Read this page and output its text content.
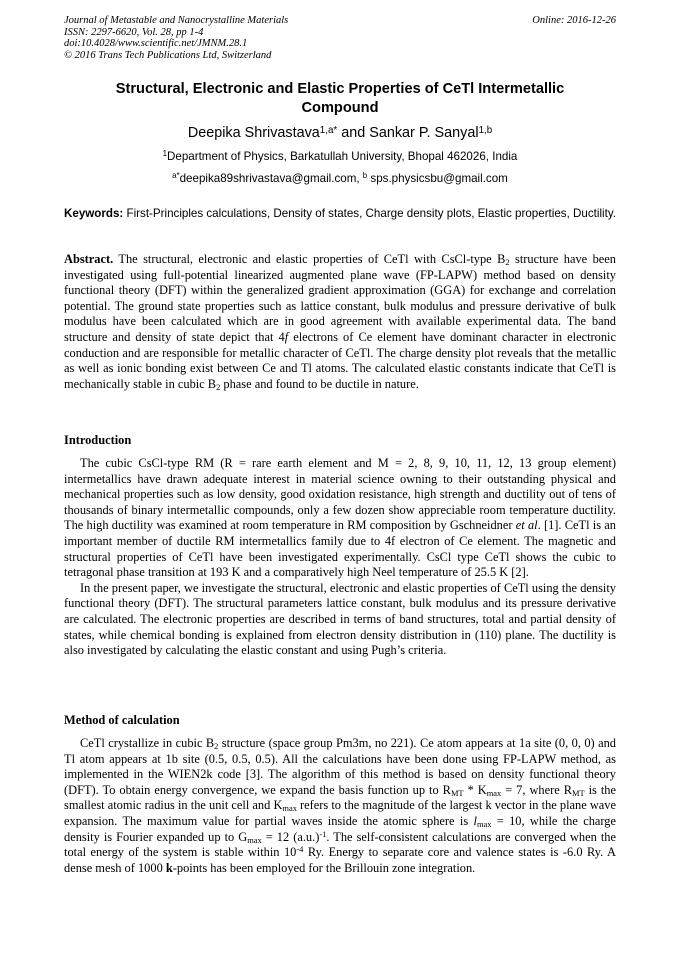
Journal of Metastable and Nanocrystalline Materials
ISSN: 2297-6620, Vol. 28, pp 1-4
doi:10.4028/www.scientific.net/JMNM.28.1
© 2016 Trans Tech Publications Ltd, Switzerland
Online: 2016-12-26
Structural, Electronic and Elastic Properties of CeTl Intermetallic
Compound
Deepika Shrivastava$^{1,a*}$ and Sankar P. Sanyal$^{1,b}$
$^1$Department of Physics, Barkatullah University, Bhopal 462026, India
$^{a*}$deepika89shrivastava@gmail.com, $^b$ sps.physicsbu@gmail.com
Keywords: First-Principles calculations, Density of states, Charge density plots, Elastic properties, Ductility.
Abstract. The structural, electronic and elastic properties of CeTl with CsCl-type $B_2$ structure have been investigated using full-potential linearized augmented plane wave (FP-LAPW) method based on density functional theory (DFT) within the generalized gradient approximation (GGA) for exchange and correlation potential. The ground state properties such as lattice constant, bulk modulus and pressure derivative of bulk modulus have been calculated which are in good agreement with available experimental data. The band structure and density of state depict that 4f electrons of Ce element have dominant character in electronic conduction and are responsible for metallic character of CeTl. The charge density plot reveals that the metallic as well as ionic bonding exist between Ce and Tl atoms. The calculated elastic constants indicate that CeTl is mechanically stable in cubic $B_2$ phase and found to be ductile in nature.
Introduction

The cubic CsCl-type RM (R = rare earth element and M = 2, 8, 9, 10, 11, 12, 13 group element) intermetallics have drawn adequate interest in material science owning to their outstanding physical and mechanical properties such as low density, good oxidation resistance, high strength and ductility out of tens of thousands of binary intermetallic compounds, only a few dozen show appreciable room temperature ductility. The high ductility was examined at room temperature in RM composition by Gschneidner et al. [1]. CeTl is an important member of ductile RM intermetallics family due to 4f electron of Ce element. The magnetic and structural properties of CeTl have been investigated experimentally. CsCl type CeTl shows the cubic to tetragonal phase transition at 193 K and a comparatively high Neel temperature of 25.5 K [2].

In the present paper, we investigate the structural, electronic and elastic properties of CeTl using the density functional theory (DFT). The structural parameters lattice constant, bulk modulus and its pressure derivative are calculated. The electronic properties are described in terms of band structures, total and partial density of states, while chemical bonding is explained from electron density distribution in (110) plane. The ductility is also investigated by calculating the elastic constant and using Pugh’s criteria.

Method of calculation

CeTl crystallize in cubic $B_2$ structure (space group Pm3m, no 221). Ce atom appears at 1a site (0, 0, 0) and Tl atom appears at 1b site (0.5, 0.5, 0.5). All the calculations have been done using FP-LAPW method, as implemented in the WIEN2k code [3]. The algorithm of this method is based on density functional theory (DFT). To obtain energy convergence, we expand the basis function up to $R_{MT} * K_{max} = 7$, where $R_{MT}$ is the smallest atomic radius in the unit cell and $K_{max}$ refers to the magnitude of the largest k vector in the plane wave expansion. The maximum value for partial waves inside the atomic sphere is $l_{max} = 10$, while the charge density is Fourier expanded up to $G_{max} = 12$ $(a.u.)^{-1}$. The self-consistent calculations are converged when the total energy of the system is stable within $10^{-4}$ Ry. Energy to separate core and valence states is -6.0 Ry. A dense mesh of 1000 k-points has been employed for the Brillouin zone integration.
